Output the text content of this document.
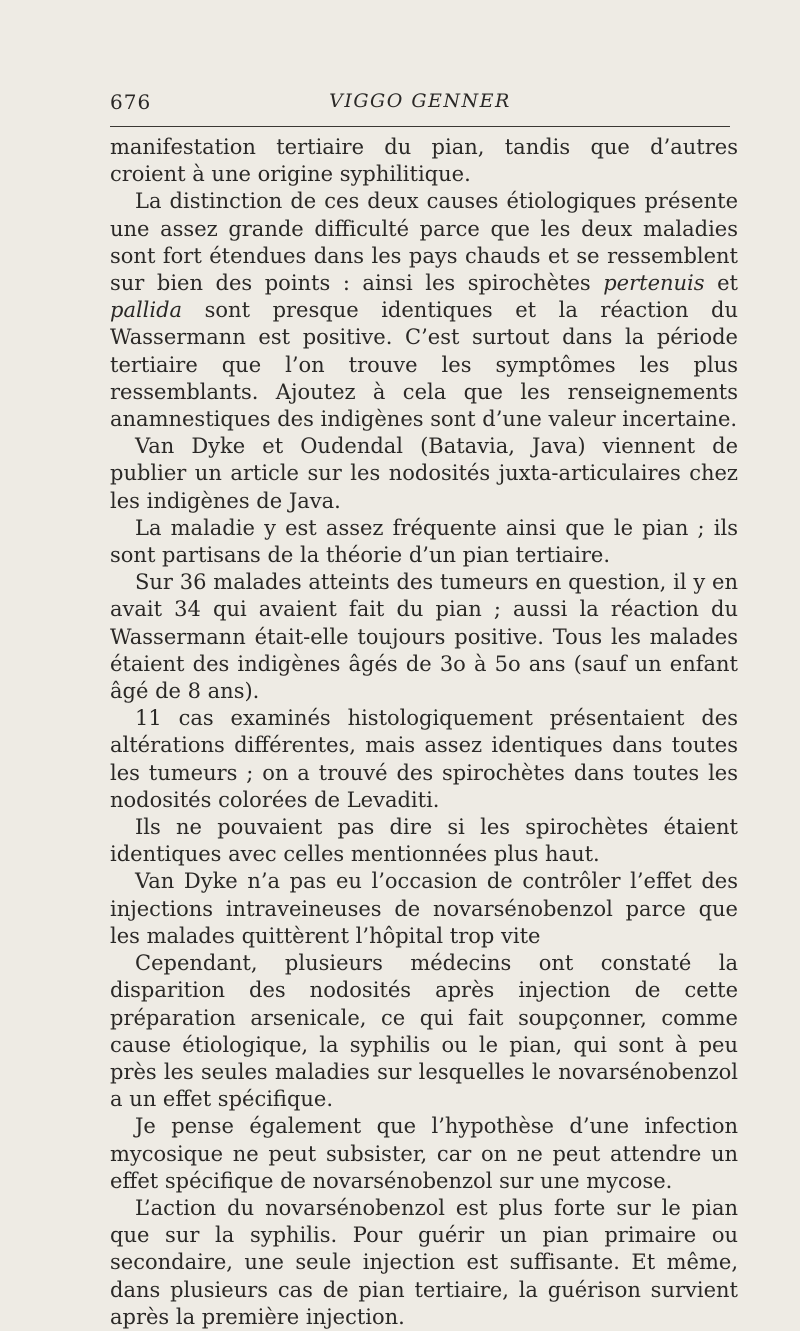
676	VIGGO GENNER

manifestation tertiaire du pian, tandis que d’autres croient à une origine syphilitique.

La distinction de ces deux causes étiologiques présente une assez grande difficulté parce que les deux maladies sont fort étendues dans les pays chauds et se ressemblent sur bien des points : ainsi les spirochètes pertenuis et pallida sont presque identiques et la réaction du Wassermann est positive. C’est surtout dans la période tertiaire que l’on trouve les symptômes les plus ressemblants. Ajoutez à cela que les renseignements anamnestiques des indigènes sont d’une valeur incertaine.

Van Dyke et Oudendal (Batavia, Java) viennent de publier un article sur les nodosités juxta-articulaires chez les indigènes de Java.

La maladie y est assez fréquente ainsi que le pian ; ils sont partisans de la théorie d’un pian tertiaire.

Sur 36 malades atteints des tumeurs en question, il y en avait 34 qui avaient fait du pian ; aussi la réaction du Wassermann était-elle toujours positive. Tous les malades étaient des indigènes âgés de 3o à 5o ans (sauf un enfant âgé de 8 ans).

11 cas examinés histologiquement présentaient des altérations différentes, mais assez identiques dans toutes les tumeurs ; on a trouvé des spirochètes dans toutes les nodosités colorées de Levaditi.

Ils ne pouvaient pas dire si les spirochètes étaient identiques avec celles mentionnées plus haut.

Van Dyke n’a pas eu l’occasion de contrôler l’effet des injections intraveineuses de novarsénobenzol parce que les malades quittèrent l’hôpital trop vite

Cependant, plusieurs médecins ont constaté la disparition des nodosités après injection de cette préparation arsenicale, ce qui fait soupçonner, comme cause étiologique, la syphilis ou le pian, qui sont à peu près les seules maladies sur lesquelles le novarsénobenzol a un effet spécifique.

Je pense également que l’hypothèse d’une infection mycosique ne peut subsister, car on ne peut attendre un effet spécifique de novarsénobenzol sur une mycose.

L’action du novarsénobenzol est plus forte sur le pian que sur la syphilis. Pour guérir un pian primaire ou secondaire, une seule injection est suffisante. Et même, dans plusieurs cas de pian tertiaire, la guérison survient après la première injection.
